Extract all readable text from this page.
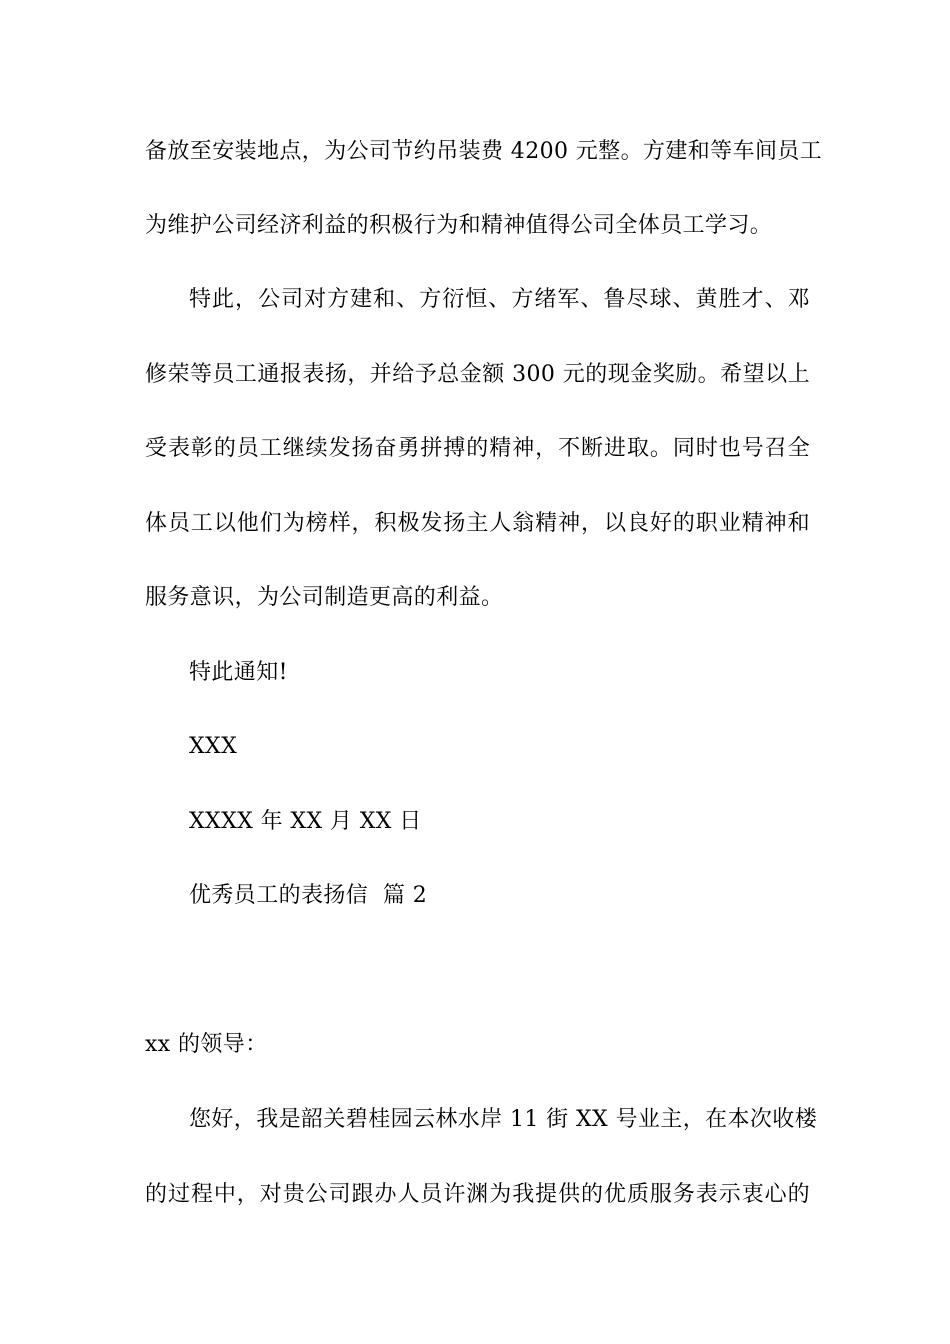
备放至安装地点，为公司节约吊装费 4200 元整。方建和等车间员工
为维护公司经济利益的积极行为和精神值得公司全体员工学习。
特此，公司对方建和、方衍恒、方绪军、鲁尽球、黄胜才、邓
修荣等员工通报表扬，并给予总金额 300 元的现金奖励。希望以上
受表彰的员工继续发扬奋勇拼搏的精神，不断进取。同时也号召全
体员工以他们为榜样，积极发扬主人翁精神，以良好的职业精神和
服务意识，为公司制造更高的利益。
特此通知!
XXX
XXXX 年 XX 月 XX 日
优秀员工的表扬信  篇 2
xx 的领导：
您好，我是韶关碧桂园云林水岸 11 街 XX 号业主，在本次收楼
的过程中，对贵公司跟办人员许渊为我提供的优质服务表示衷心的
